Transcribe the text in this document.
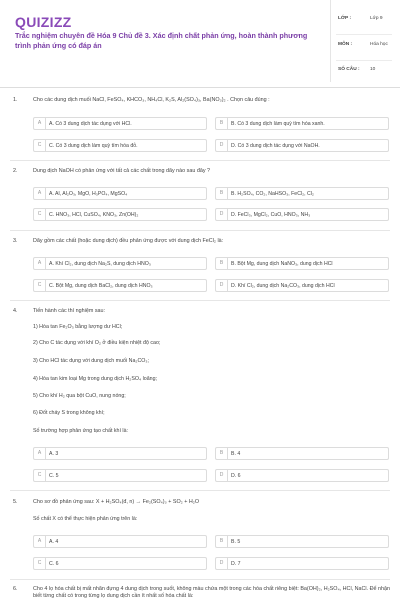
QUIZIZZ
Trắc nghiệm chuyên đề Hóa 9 Chủ đề 3. Xác định chất phản ứng, hoàn thành phương trình phản ứng có đáp án
LỚP :	Lớp 9
MÔN :	Hóa học
SỐ CÂU : 10
1.	Cho các dung dịch muối NaCl, FeSO₄, KHCO₃, NH₄Cl, K₂S, Al₂(SO₄)₃, Ba(NO₃)₂ . Chọn câu đúng :
A	A. Có 3 dung dịch tác dụng với HCl.	B	B. Có 3 dung dịch làm quỳ tím hóa xanh.
C	C. Có 3 dung dịch làm quỳ tím hóa đỏ.	D	D. Có 3 dung dịch tác dụng với NaOH.
2.	Dung dịch NaOH có phản ứng với tất cả các chất trong dãy nào sau đây ?
A	A. Al, Al₂O₃, MgO, H₃PO₄, MgSO₄	B	B. H₂SO₄, CO₂, NaHSO₃, FeCl₂, Cl₂
C	C. HNO₃, HCl, CuSO₄, KNO₃, Zn(OH)₂	D	D. FeCl₃, MgCl₂, CuO, HNO₃, NH₃
3.	Dãy gồm các chất (hoặc dung dịch) đều phản ứng được với dung dịch FeCl₂ là:
A	A. Khí Cl₂, dung dịch Na₂S, dung dịch HNO₃	B	B. Bột Mg, dung dịch NaNO₃, dung dịch HCl
C	C. Bột Mg, dung dịch BaCl₂, dung dịch HNO₃	D	D. Khí Cl₂, dung dịch Na₂CO₃, dung dịch HCl
4.	Tiến hành các thí nghiệm sau:
1) Hòa tan Fe₂O₃ bằng lượng dư HCl;
2) Cho C tác dụng với khí O₂ ở điều kiện nhiệt độ cao;
3) Cho HCl tác dụng với dung dịch muối Na₂CO₃;
4) Hòa tan kim loại Mg trong dung dịch H₂SO₄ loãng;
5) Cho khí H₂ qua bột CuO, nung nóng;
6) Đốt cháy S trong không khí;
Số trường hợp phản ứng tạo chất khí là:
A	A. 3	B	B. 4
C	C. 5	D	D. 6
5.	Cho sơ đồ phản ứng sau: X + H₂SO₄(đ, n) → Fe₂(SO₄)₃ + SO₂ + H₂O
Số chất X có thể thực hiện phản ứng trên là:
A	A. 4	B	B. 5
C	C. 6	D	D. 7
6.	Cho 4 lọ hóa chất bị mất nhãn đựng 4 dung dịch trong suốt, không màu chứa một trong các hóa chất riêng biệt: Ba(OH)₂, H₂SO₄, HCl, NaCl. Để nhận biết từng chất có trong từng lọ dung dịch cần ít nhất số hóa chất là:
